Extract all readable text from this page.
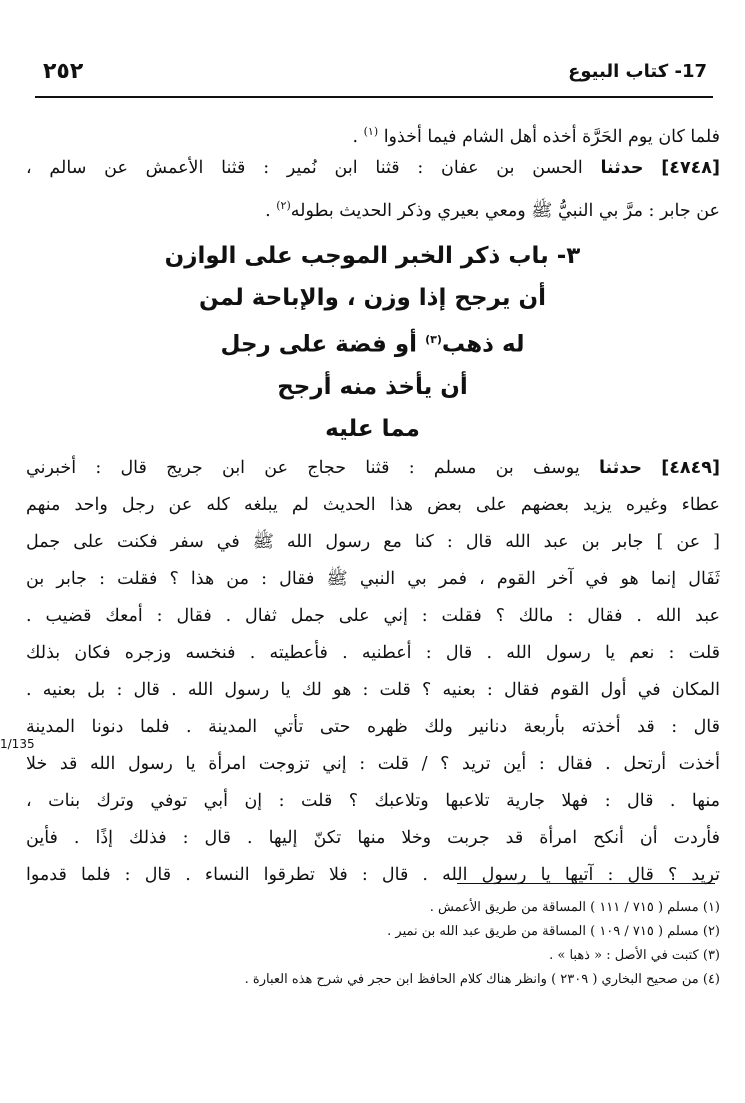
٢٥٢	17- كتاب البيوع
فلما كان يوم الحَرَّة أخذه أهل الشام فيما أخذوا $^{(١)}$ .
[٤٧٤٨] حدثنا الحسن بن عفان : قثنا ابن نُمير : قثنا الأعمش عن سالم ،
عن جابر : مرَّ بي النبيُّ ﷺ ومعي بعيري وذكر الحديث بطوله$^{(٢)}$ .
٣- باب ذكر الخبر الموجب على الوازن
أن يرجح إذا وزن ، والإباحة لمن
له ذهب$^{(٣)}$ أو فضة على رجل
أن يأخذ منه أرجح
مما عليه
[٤٨٤٩] حدثنا يوسف بن مسلم : قثنا حجاج عن ابن جريج قال : أخبرني
عطاء وغيره يزيد بعضهم على بعض هذا الحديث لم يبلغه كله عن رجل واحد منهم
[ عن ] جابر بن عبد الله قال : كنا مع رسول الله ﷺ في سفر فكنت على جمل
ثَفَال إنما هو في آخر القوم ، فمر بي النبي ﷺ فقال : من هذا ؟ فقلت : جابر بن
عبد الله . فقال : مالك ؟ فقلت : إني على جمل ثفال . فقال : أمعك قضيب .
قلت : نعم يا رسول الله . قال : أعطنيه . فأعطيته . فنخسه وزجره فكان بذلك
المكان في أول القوم فقال : بعنيه ؟ قلت : هو لك يا رسول الله . قال : بل بعنيه .
قال : قد أخذته بأربعة دنانير ولك ظهره حتى تأتي المدينة . فلما دنونا المدينة
أخذت أرتحل . فقال : أين تريد ؟ / قلت : إني تزوجت امرأة يا رسول الله قد خلا
منها . قال : فهلا جارية تلاعبها وتلاعبك ؟ قلت : إن أبي توفي وترك بنات ،
فأردت أن أنكح امرأة قد جربت وخلا منها تكنّ إليها . قال : فذلك إذًا . فأين
تريد ؟ قال : آتيها يا رسول الله . قال : فلا تطرقوا النساء . قال : فلما قدموا
1/135
(١) مسلم ( ٧١٥ / ١١١ ) المساقة من طريق الأعمش .
(٢) مسلم ( ٧١٥ / ١٠٩ ) المساقة من طريق عبد الله بن نمير .
(٣) كتبت في الأصل : « ذهبا » .
(٤) من صحيح البخاري ( ٢٣٠٩ ) وانظر هناك كلام الحافظ ابن حجر في شرح هذه العبارة .
